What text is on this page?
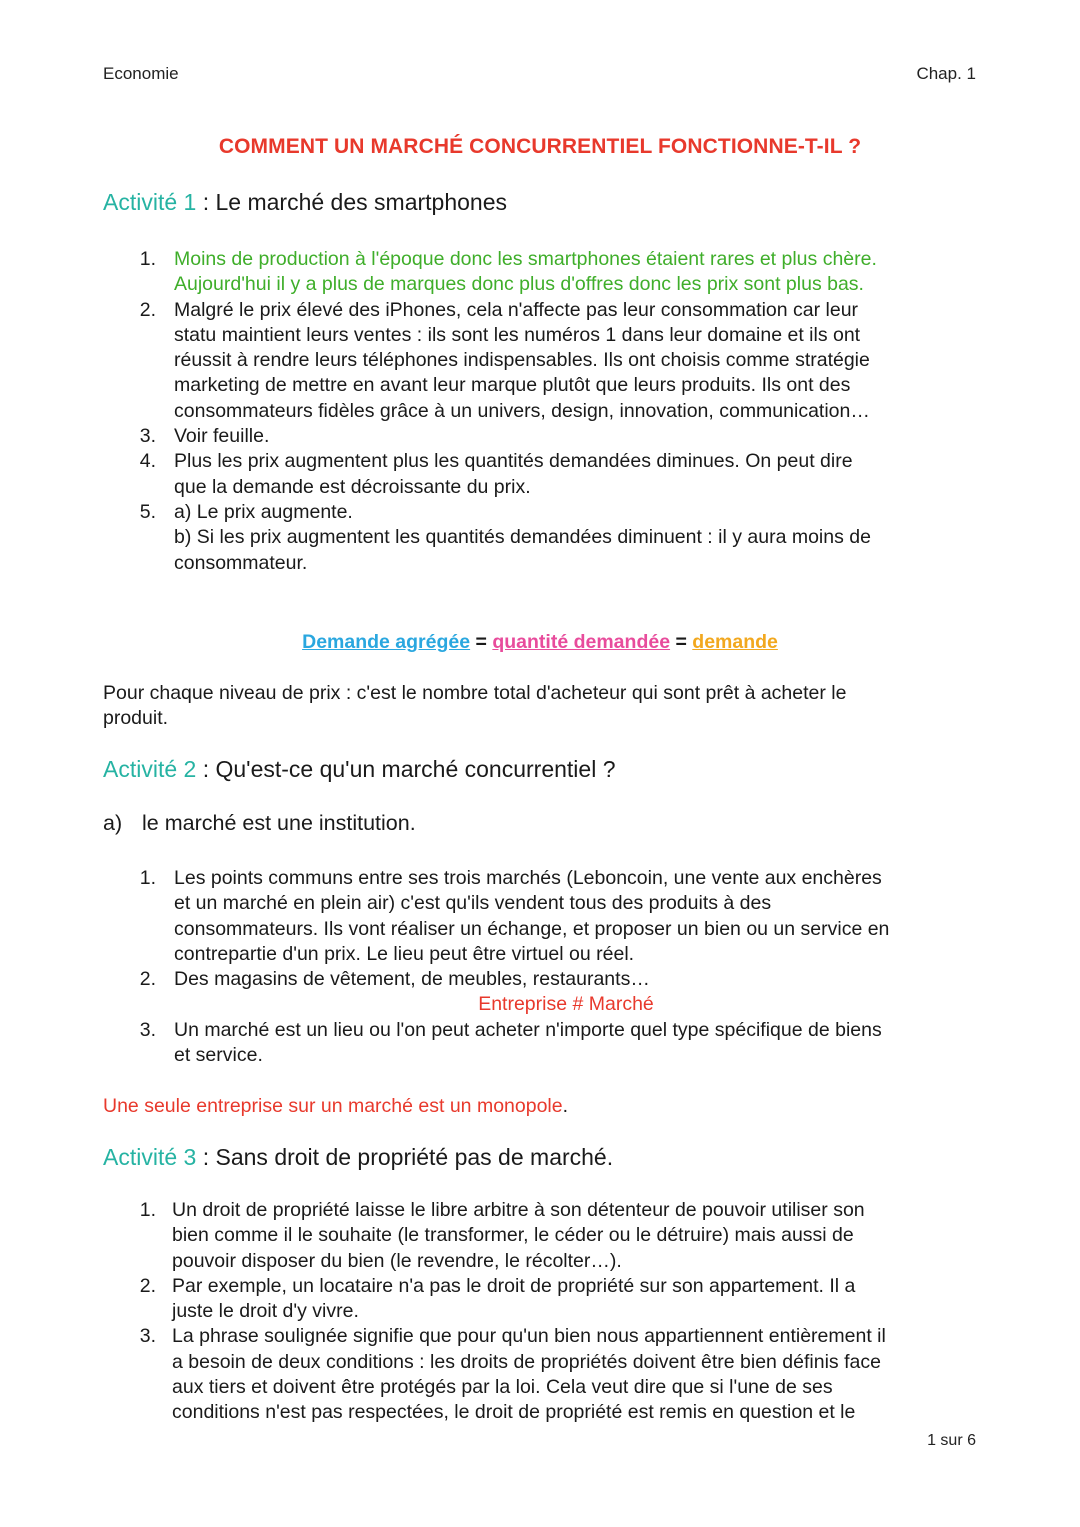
Economie	Chap. 1
COMMENT UN MARCHÉ CONCURRENTIEL FONCTIONNE-T-IL ?
Activité 1 : Le marché des smartphones
1 . Moins de production à l'époque donc les smartphones étaient rares et plus chère.
Aujourd'hui il y a plus de marques donc plus d'offres donc les prix sont plus bas.
2 . Malgré le prix élevé des iPhones, cela n'affecte pas leur consommation car leur
statu maintient leurs ventes : ils sont les numéros 1 dans leur domaine et ils ont
réussit à rendre leurs téléphones indispensables. Ils ont choisis comme stratégie
marketing de mettre en avant leur marque plutôt que leurs produits. Ils ont des
consommateurs fidèles grâce à un univers, design, innovation, communication…
3 . Voir feuille.
4 . Plus les prix augmentent plus les quantités demandées diminues. On peut dire
que la demande est décroissante du prix.
5 . a) Le prix augmente.
b) Si les prix augmentent les quantités demandées diminuent : il y aura moins de
consommateur.
Demande agrégée = quantité demandée = demande
Pour chaque niveau de prix : c'est le nombre total d'acheteur qui sont prêt à acheter le
produit.
Activité 2 : Qu'est-ce qu'un marché concurrentiel ?
a) le marché est une institution.
1 . Les points communs entre ses trois marchés (Leboncoin, une vente aux enchères
et un marché en plein air) c'est qu'ils vendent tous des produits à des
consommateurs. Ils vont réaliser un échange, et proposer un bien ou un service en
contrepartie d'un prix. Le lieu peut être virtuel ou réel.
2 . Des magasins de vêtement, de meubles, restaurants…
Entreprise # Marché
3 . Un marché est un lieu ou l'on peut acheter n'importe quel type spécifique de biens
et service.
Une seule entreprise sur un marché est un monopole.
Activité 3 : Sans droit de propriété pas de marché.
1 . Un droit de propriété laisse le libre arbitre à son détenteur de pouvoir utiliser son
bien comme il le souhaite (le transformer, le céder ou le détruire) mais aussi de
pouvoir disposer du bien (le revendre, le récolter…).
2 . Par exemple, un locataire n'a pas le droit de propriété sur son appartement. Il a
juste le droit d'y vivre.
3 . La phrase soulignée signifie que pour qu'un bien nous appartiennent entièrement il
a besoin de deux conditions : les droits de propriétés doivent être bien définis face
aux tiers et doivent être protégés par la loi. Cela veut dire que si l'une de ses
conditions n'est pas respectées, le droit de propriété est remis en question et le
1 sur 6
